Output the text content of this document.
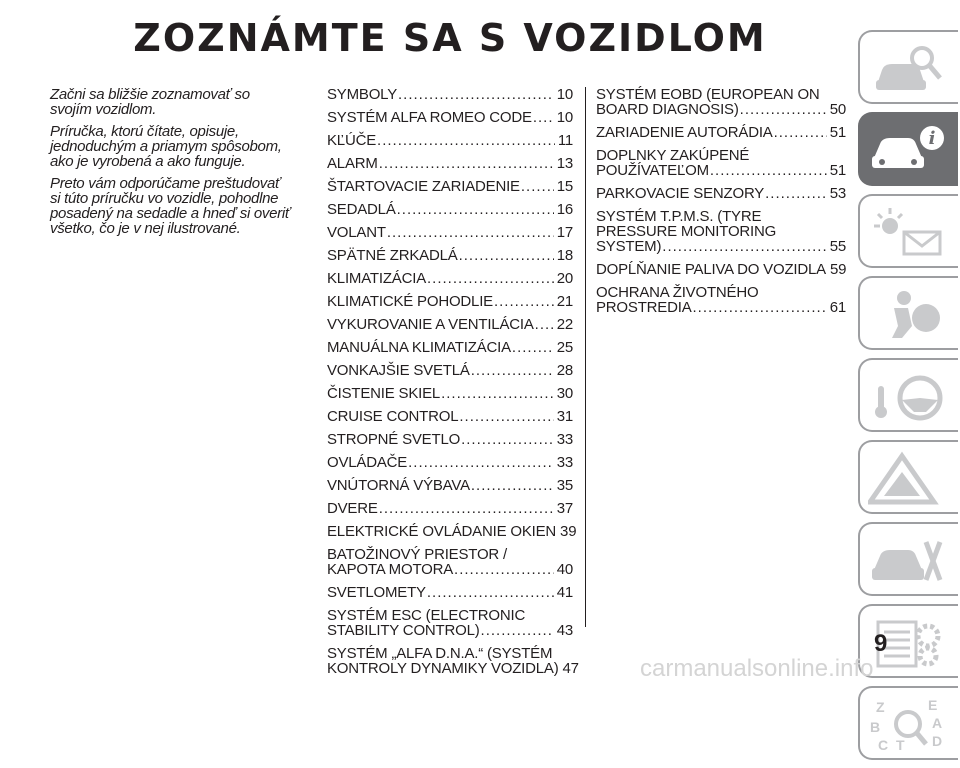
ZOZNÁMTE SA S VOZIDLOM

Začni sa bližšie zoznamovať so svojím vozidlom.

Príručka, ktorú čítate, opisuje, jednoduchým a priamym spôsobom, ako je vyrobená a ako funguje.

Preto vám odporúčame preštudovať si túto príručku vo vozidle, pohodlne posadený na sedadle a hneď si overiť všetko, čo je v nej ilustrované.

SYMBOLY .....	10
SYSTÉM ALFA ROMEO CODE ..... 10
KĽÚČE .....	11
ALARM .....	13
ŠTARTOVACIE ZARIADENIE ..... 15
SEDADLÁ .....	16
VOLANT .....	17
SPÄTNÉ ZRKADLÁ .....	18
KLIMATIZÁCIA .....	20
KLIMATICKÉ POHODLIE .....	21
VYKUROVANIE A VENTILÁCIA ..... 22
MANUÁLNA KLIMATIZÁCIA .....	25
VONKAJŠIE SVETLÁ .....	28
ČISTENIE SKIEL .....	30
CRUISE CONTROL .....	31
STROPNÉ SVETLO .....	33
OVLÁDAČE .....	33
VNÚTORNÁ VÝBAVA .....	35
DVERE .....	37
ELEKTRICKÉ OVLÁDANIE OKIEN 39
BATOŽINOVÝ PRIESTOR /
KAPOTA MOTORA .....	40
SVETLOMETY .....	41
SYSTÉM ESC (ELECTRONIC
STABILITY CONTROL) .....	43
SYSTÉM „ALFA D.N.A.“ (SYSTÉM
KONTROLY DYNAMIKY VOZIDLA) 47
SYSTÉM EOBD (EUROPEAN ON
BOARD DIAGNOSIS) .....	50
ZARIADENIE AUTORÁDIA .....	51
DOPLNKY ZAKÚPENÉ
POUŽÍVATEĽOM .....	51
PARKOVACIE SENZORY .....	53
SYSTÉM T.P.M.S. (TYRE
PRESSURE MONITORING
SYSTEM) .....	55
DOPĹŇANIE PALIVA DO VOZIDLA 59
OCHRANA ŽIVOTNÉHO
PROSTREDIA .....	61
i
Z	E
B	A
C T D
9
carmanualsonline.info
